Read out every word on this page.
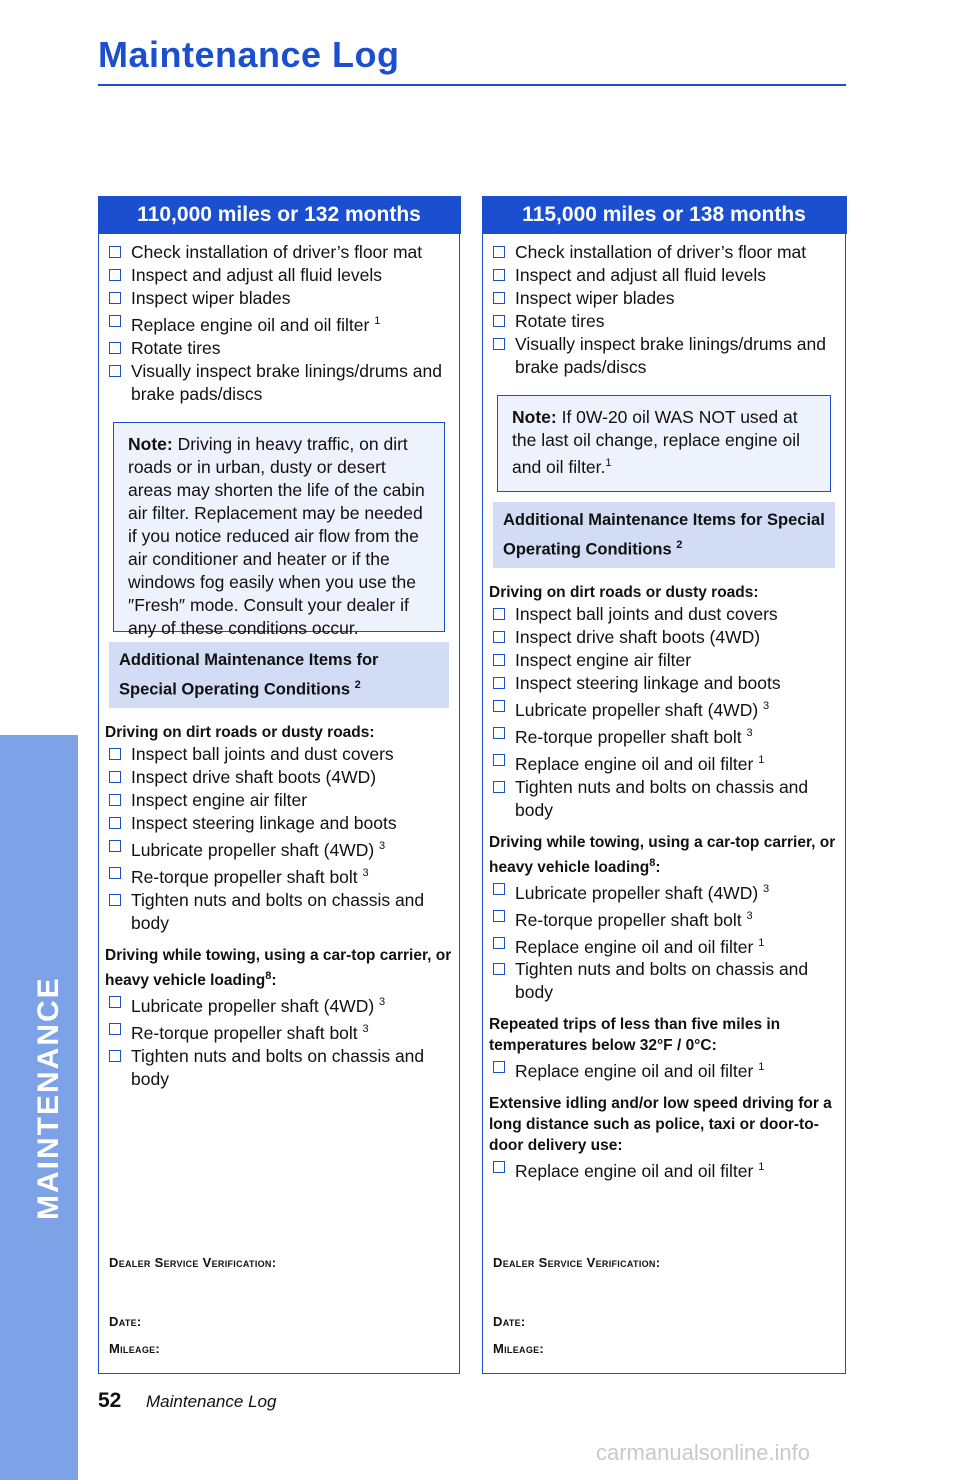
Maintenance Log
MAINTENANCE
110,000 miles or 132 months
Check installation of driver’s floor mat
Inspect and adjust all fluid levels
Inspect wiper blades
Replace engine oil and oil filter $^1$
Rotate tires
Visually inspect brake linings/drums and brake pads/discs
Note: Driving in heavy traffic, on dirt roads or in urban, dusty or desert areas may shorten the life of the cabin air filter. Replacement may be needed if you notice reduced air flow from the air conditioner and heater or if the windows fog easily when you use the ″Fresh″ mode. Consult your dealer if any of these conditions occur.
Additional Maintenance Items for Special Operating Conditions $^2$
Driving on dirt roads or dusty roads:
Inspect ball joints and dust covers
Inspect drive shaft boots (4WD)
Inspect engine air filter
Inspect steering linkage and boots
Lubricate propeller shaft (4WD) $^3$
Re-torque propeller shaft bolt $^3$
Tighten nuts and bolts on chassis and body
Driving while towing, using a car-top carrier, or heavy vehicle loading$^8$:
Lubricate propeller shaft (4WD) $^3$
Re-torque propeller shaft bolt $^3$
Tighten nuts and bolts on chassis and body
Dealer Service Verification:
Date:
Mileage:
115,000 miles or 138 months
Check installation of driver’s floor mat
Inspect and adjust all fluid levels
Inspect wiper blades
Rotate tires
Visually inspect brake linings/drums and brake pads/discs
Note: If 0W-20 oil WAS NOT used at the last oil change, replace engine oil and oil filter.$^1$
Additional Maintenance Items for Special Operating Conditions $^2$
Driving on dirt roads or dusty roads:
Inspect ball joints and dust covers
Inspect drive shaft boots (4WD)
Inspect engine air filter
Inspect steering linkage and boots
Lubricate propeller shaft (4WD) $^3$
Re-torque propeller shaft bolt $^3$
Replace engine oil and oil filter $^1$
Tighten nuts and bolts on chassis and body
Driving while towing, using a car-top carrier, or heavy vehicle loading$^8$:
Lubricate propeller shaft (4WD) $^3$
Re-torque propeller shaft bolt $^3$
Replace engine oil and oil filter $^1$
Tighten nuts and bolts on chassis and body
Repeated trips of less than five miles in temperatures below 32°F / 0°C:
Replace engine oil and oil filter $^1$
Extensive idling and/or low speed driving for a long distance such as police, taxi or door-to-door delivery use:
Replace engine oil and oil filter $^1$
Dealer Service Verification:
Date:
Mileage:
52 Maintenance Log
carmanualsonline.info
